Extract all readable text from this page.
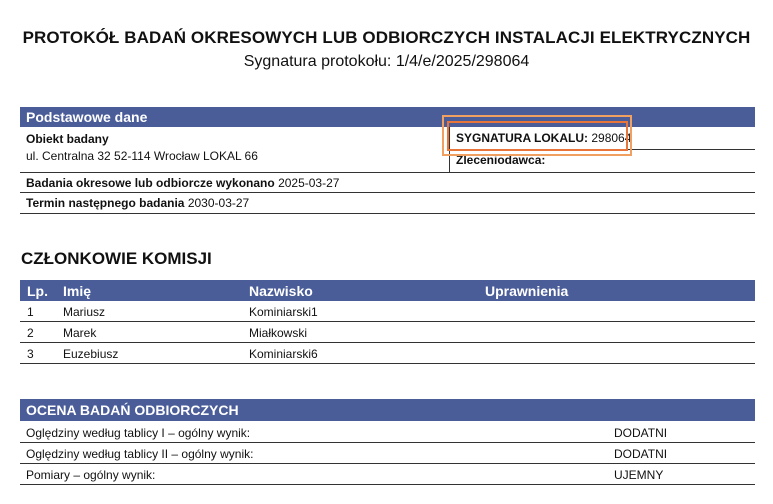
PROTOKÓŁ BADAŃ OKRESOWYCH LUB ODBIORCZYCH INSTALACJI ELEKTRYCZNYCH
Sygnatura protokołu: 1/4/e/2025/298064
Podstawowe dane
Obiekt badany
ul. Centralna 32 52-114 Wrocław LOKAL 66
SYGNATURA LOKALU: 298064
Zleceniodawca:
Badania okresowe lub odbiorcze wykonano 2025-03-27
Termin następnego badania 2030-03-27
CZŁONKOWIE KOMISJI
Lp. Imię	Nazwisko	Uprawnienia
1 Mariusz	Kominiarski1
2 Marek	Miałkowski
3 Euzebiusz	Kominiarski6
OCENA BADAŃ ODBIORCZYCH
Oględziny według tablicy I – ogólny wynik:	DODATNI
Oględziny według tablicy II – ogólny wynik:	DODATNI
Pomiary – ogólny wynik:	UJEMNY
